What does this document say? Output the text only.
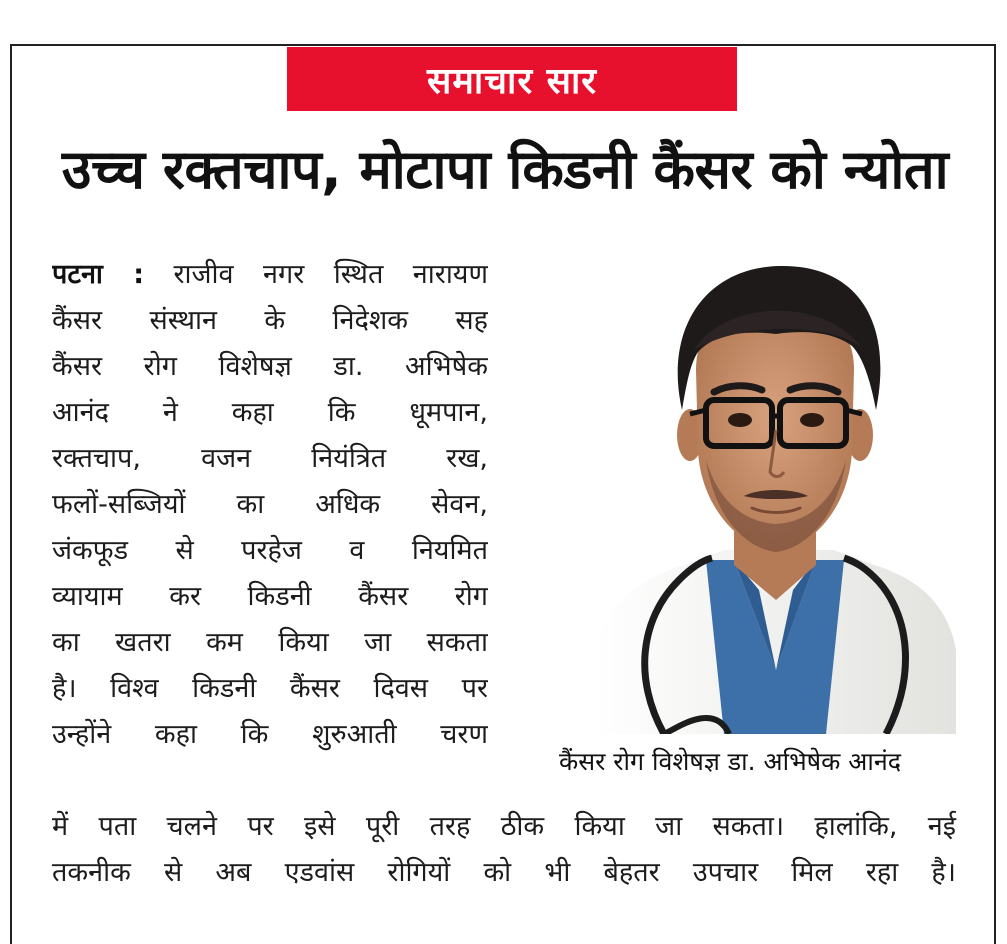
समाचार सार
उच्च रक्तचाप, मोटापा किडनी कैंसर को न्योता
पटना : राजीव नगर स्थित नारायण
कैंसर संस्थान के निदेशक सह
कैंसर रोग विशेषज्ञ डा. अभिषेक
आनंद ने कहा कि धूमपान,
रक्तचाप, वजन नियंत्रित रख,
फलों-सब्जियों का अधिक सेवन,
जंकफूड से परहेज व नियमित
व्यायाम कर किडनी कैंसर रोग
का खतरा कम किया जा सकता
है। विश्व किडनी कैंसर दिवस पर
उन्होंने कहा कि शुरुआती चरण
कैंसर रोग विशेषज्ञ डा. अभिषेक आनंद
में पता चलने पर इसे पूरी तरह ठीक किया जा सकता। हालांकि, नई
तकनीक से अब एडवांस रोगियों को भी बेहतर उपचार मिल रहा है।
